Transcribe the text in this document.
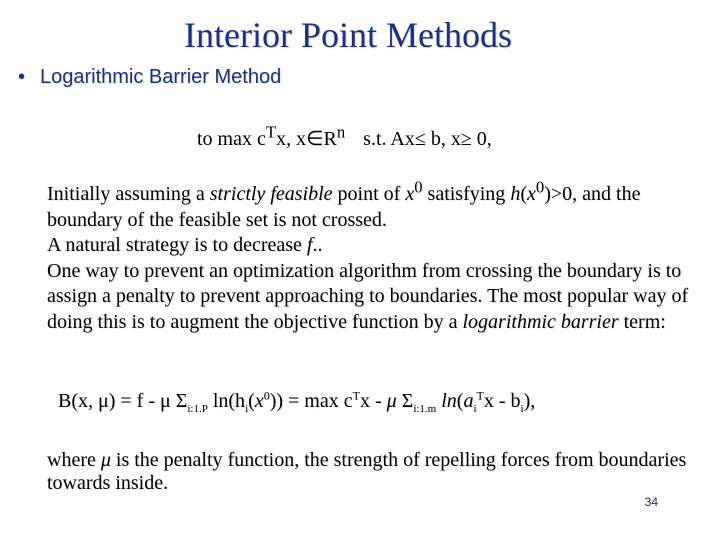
Interior Point Methods
• Logarithmic Barrier Method
to $\max c^Tx$, $x\in R^n$ s.t. Ax≤ b, x≥ 0,

Initially assuming a strictly feasible point of $x^0$ satisfying $h(x^0)>0$, and the boundary of the feasible set is not crossed.

A natural strategy is to decrease f..

One way to prevent an optimization algorithm from crossing the boundary is to assign a penalty to prevent approaching to boundaries. The most popular way of doing this is to augment the objective function by a logarithmic barrier term:

B(x, μ) = f - μ $\Sigma_{i:1.P}$ $\ln(h_i(x^0)) = \max c^Tx - \mu$ $\Sigma_{i:1.m}$ $\ln(a_i^Tx - b_i)$,
where μ is the penalty function, the strength of repelling forces from boundaries towards inside.
34
